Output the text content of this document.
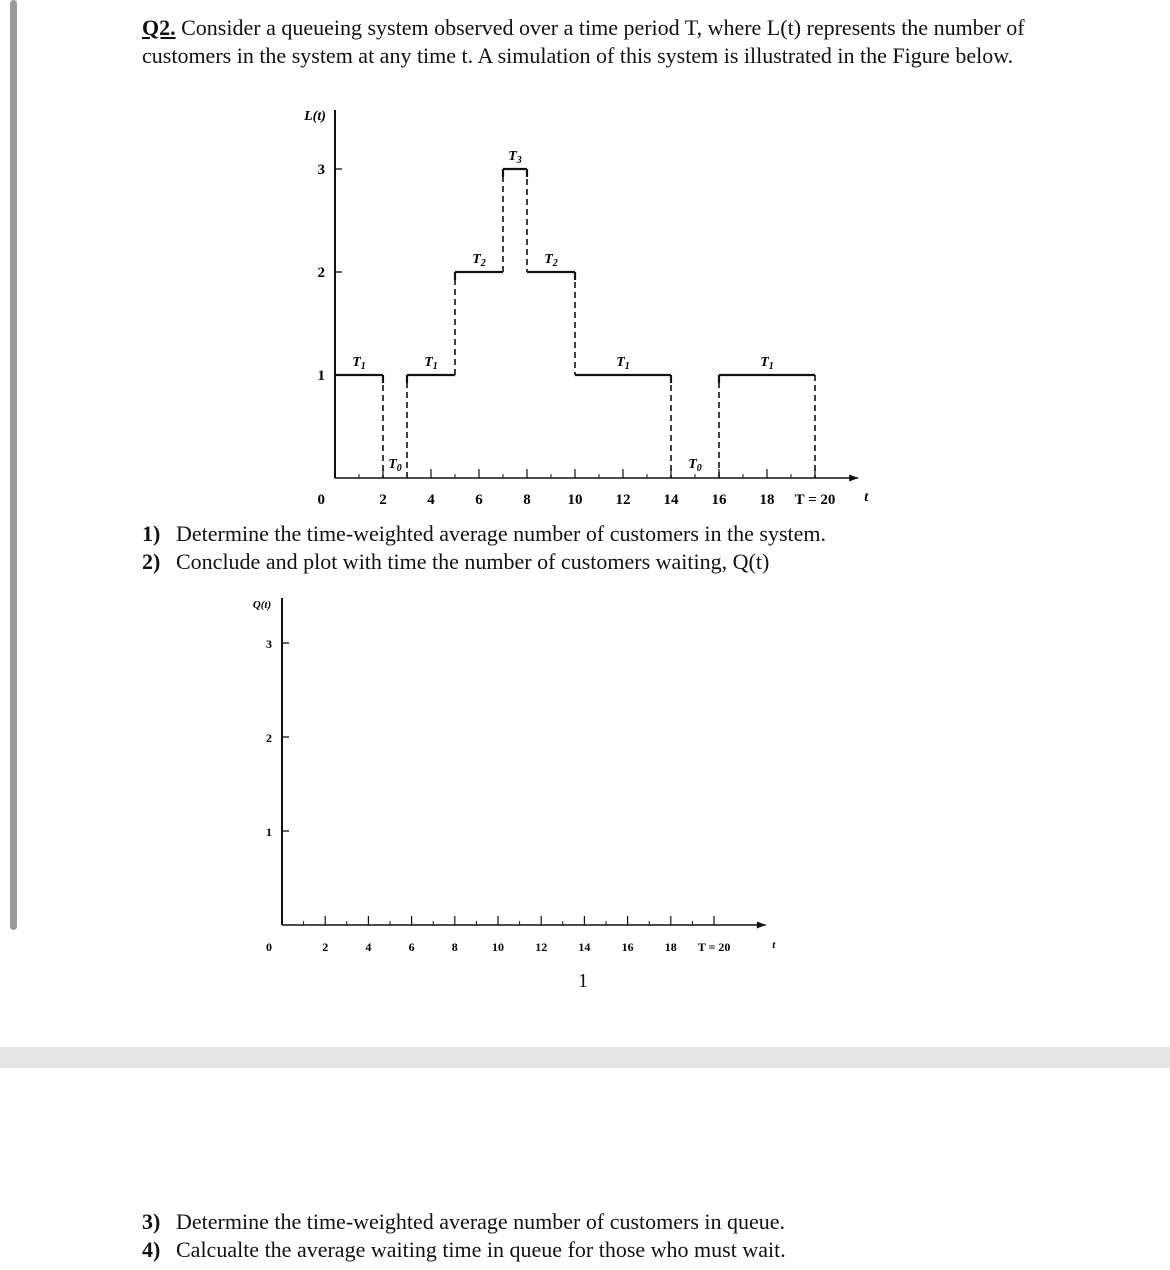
Q2. Consider a queueing system observed over a time period T, where L(t) represents the number of customers in the system at any time t. A simulation of this system is illustrated in the Figure below.
L(t)
t
0
1
2
3
2	4	6	8 10 12 14 16 18 T = 20
$T_1$
$T_0$
$T_1$
$T_2$
$T_3$
$T_2$
$T_1$
$T_0$
$T_1$
1) Determine the time-weighted average number of customers in the system.
2) Conclude and plot with time the number of customers waiting, Q(t)
Q(t)
t
0
1
2
3
2	4	6	8	10	12	14	16	18 T = 20
1
3) Determine the time-weighted average number of customers in queue.
4) Calcualte the average waiting time in queue for those who must wait.
